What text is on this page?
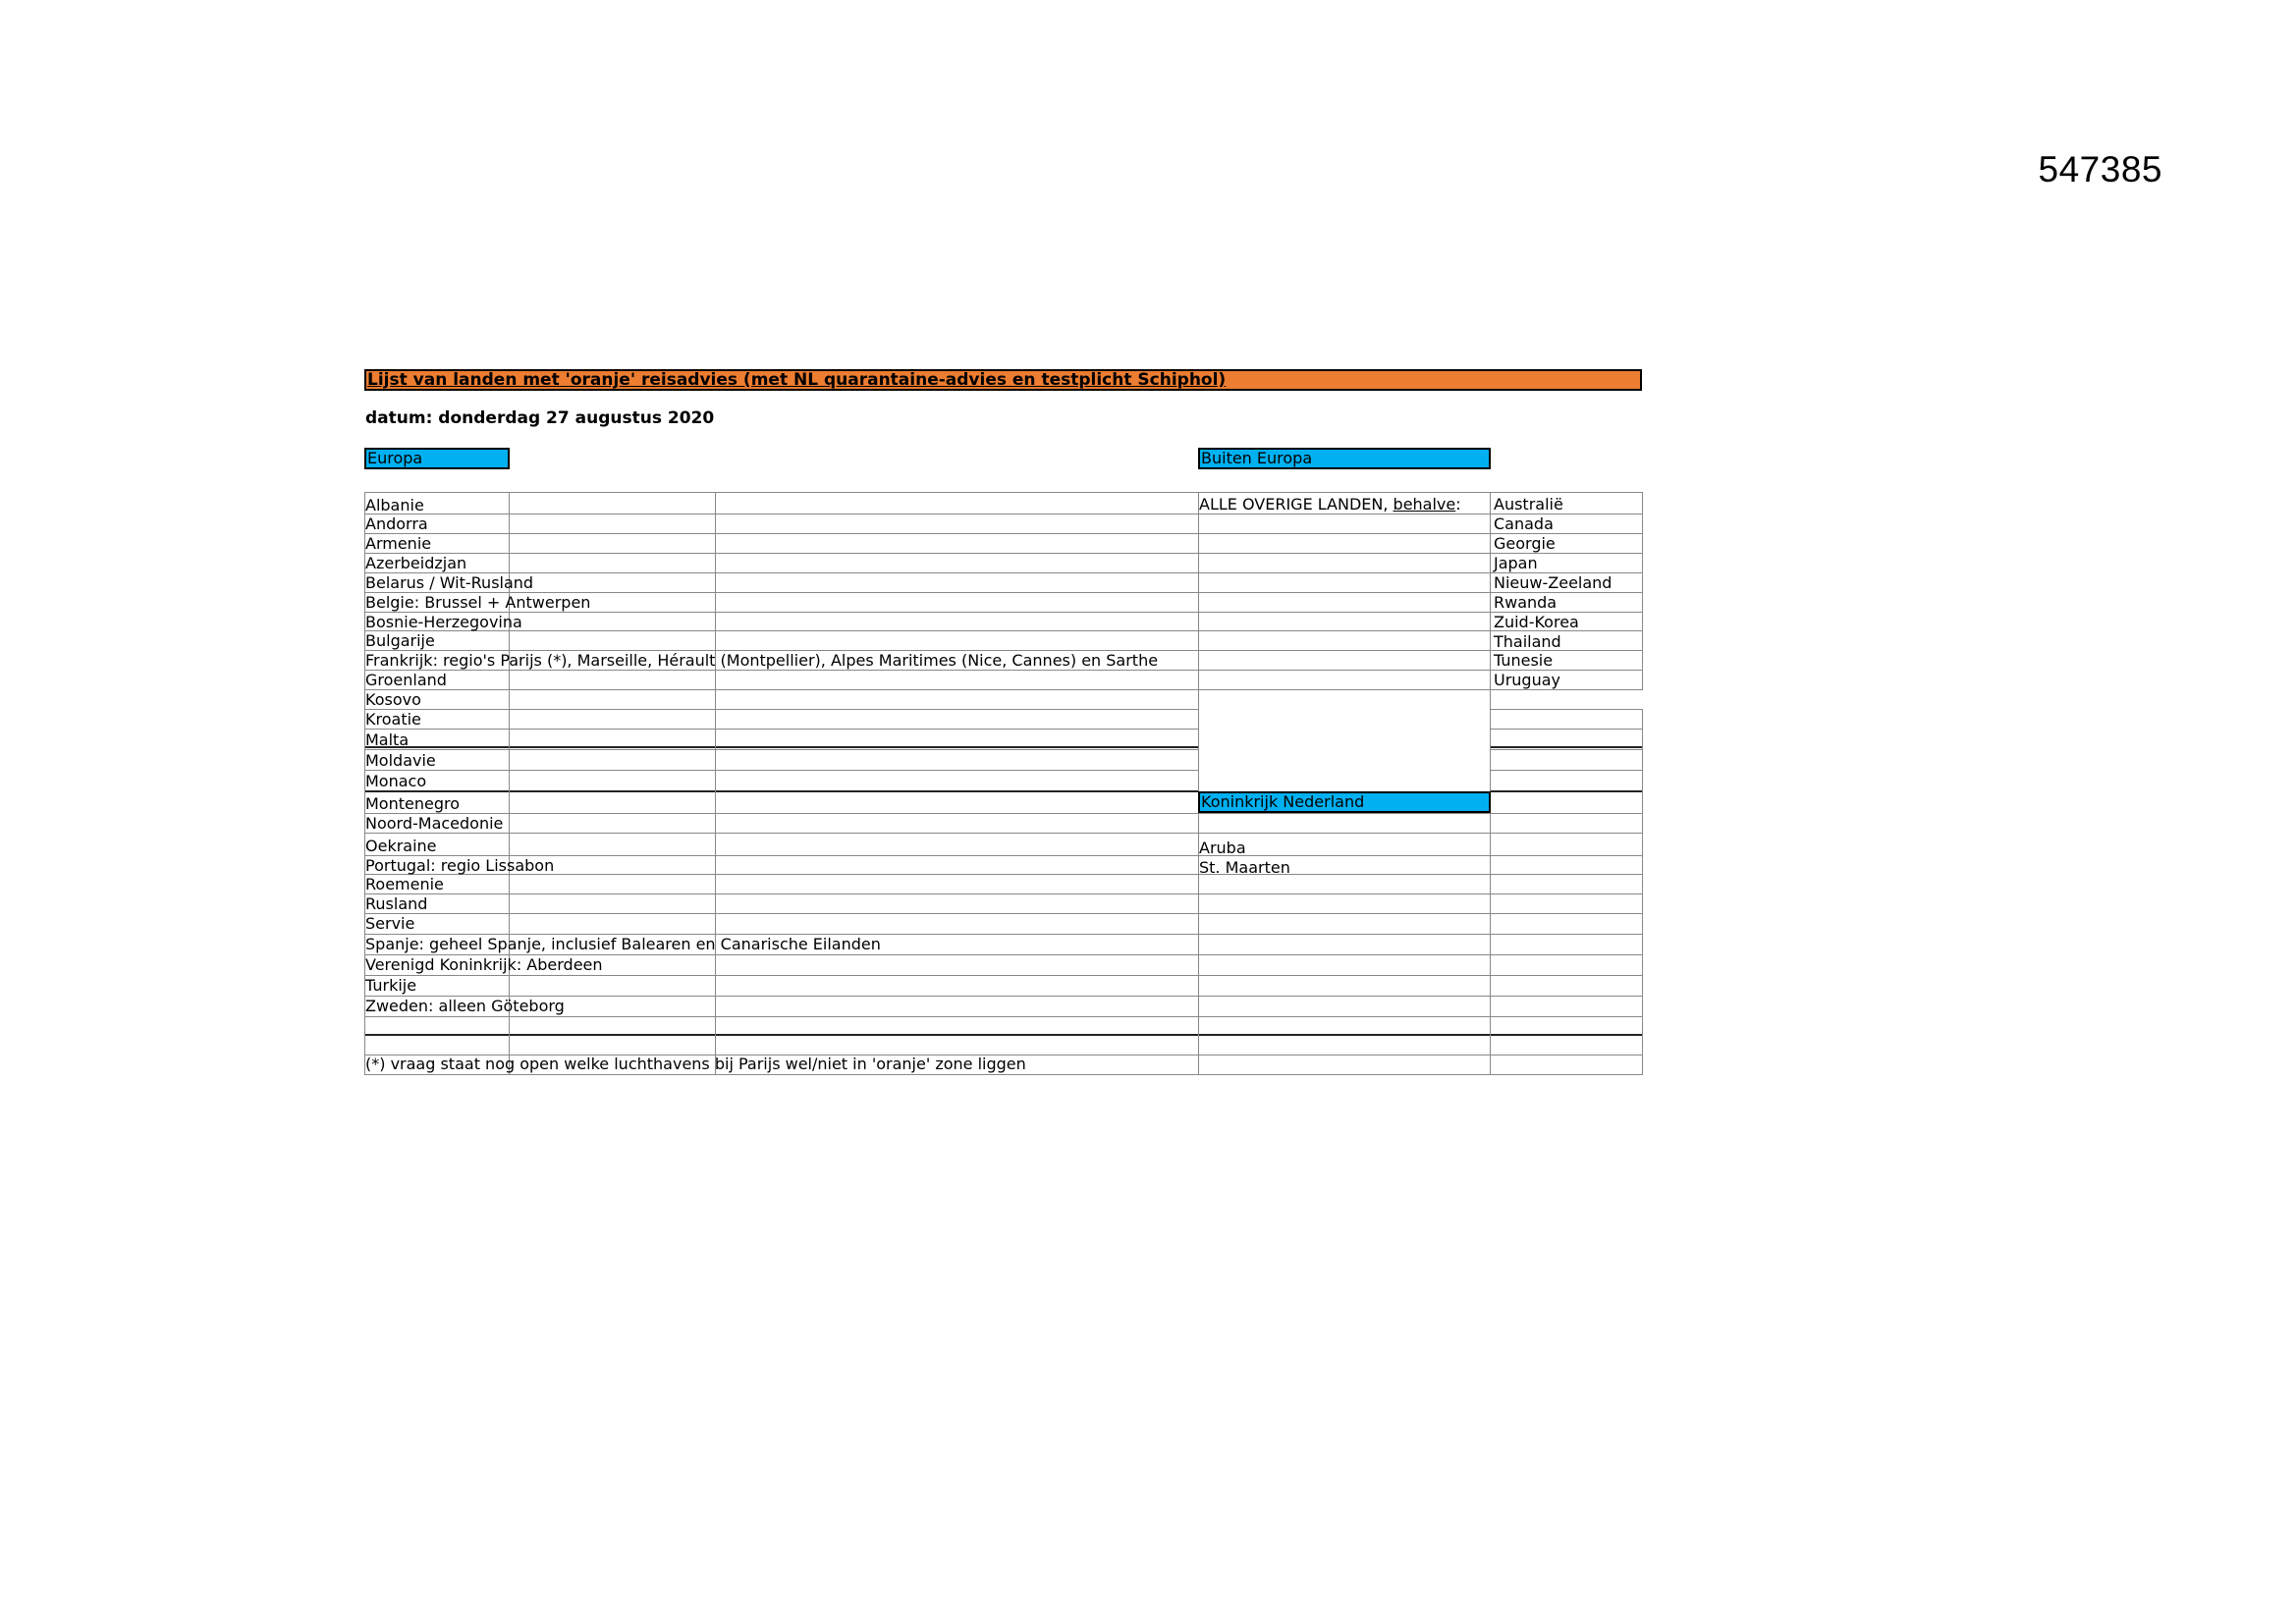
547385
Lijst van landen met 'oranje' reisadvies (met NL quarantaine-advies en testplicht Schiphol)
datum: donderdag 27 augustus 2020
Europa	Buiten Europa
Koninkrijk Nederland
Albanie
Andorra
Armenie
Azerbeidzjan
Belarus / Wit-Rusland
Belgie: Brussel + Antwerpen
Bosnie-Herzegovina
Bulgarije
Frankrijk: regio's Parijs (*), Marseille, Hérault (Montpellier), Alpes Maritimes (Nice, Cannes) en Sarthe
Groenland
Kosovo
Kroatie
Malta
Moldavie
Monaco
Montenegro
Noord-Macedonie
Oekraine
Portugal: regio Lissabon
Roemenie
Rusland
Servie
Spanje: geheel Spanje, inclusief Balearen en Canarische Eilanden
Verenigd Koninkrijk: Aberdeen
Turkije
Zweden: alleen Göteborg
ALLE OVERIGE LANDEN, behalve: Australië
Canada
Georgie
Japan
Nieuw-Zeeland
Rwanda
Zuid-Korea
Thailand
Tunesie
Uruguay
Aruba
St. Maarten
(*) vraag staat nog open welke luchthavens bij Parijs wel/niet in 'oranje' zone liggen
